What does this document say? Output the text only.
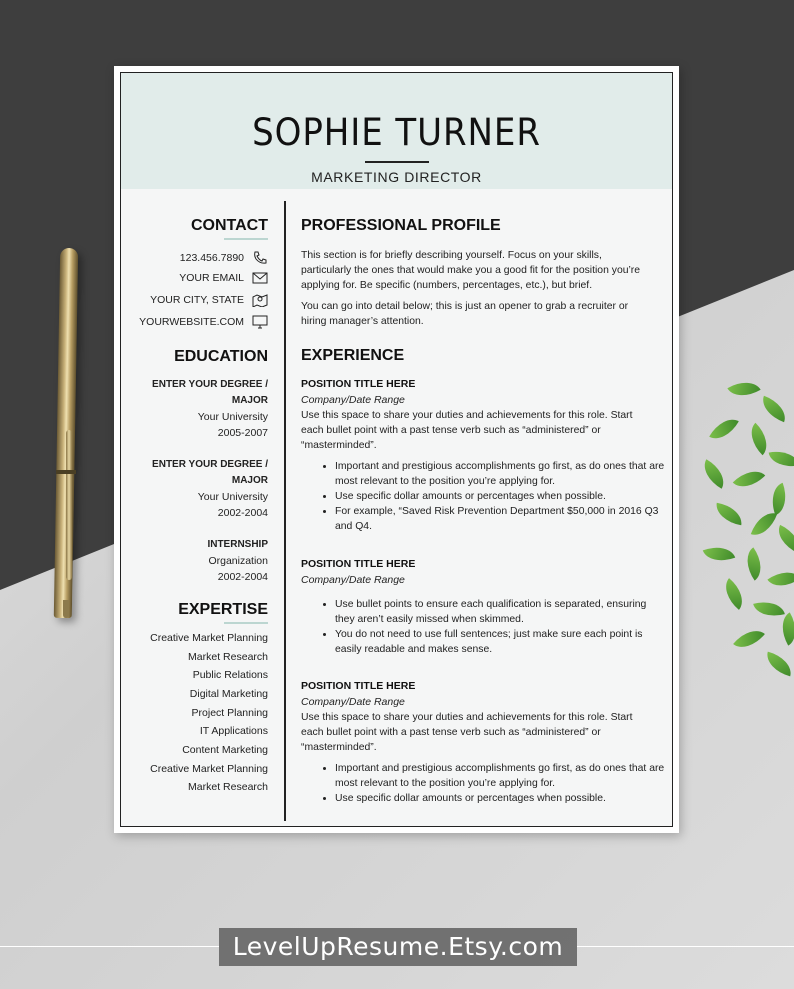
SOPHIE TURNER
MARKETING DIRECTOR
CONTACT
123.456.7890
YOUR EMAIL
YOUR CITY, STATE
YOURWEBSITE.COM
EDUCATION
ENTER YOUR DEGREE /
MAJOR
Your University
2005-2007
ENTER YOUR DEGREE /
MAJOR
Your University
2002-2004
INTERNSHIP
Organization
2002-2004
EXPERTISE
Creative Market Planning
Market Research
Public Relations
Digital Marketing
Project Planning
IT Applications
Content Marketing
Creative Market Planning
Market Research
PROFESSIONAL PROFILE

This section is for briefly describing yourself. Focus on your skills, particularly the ones that would make you a good fit for the position you’re applying for. Be specific (numbers, percentages, etc.), but brief.

You can go into detail below; this is just an opener to grab a recruiter or hiring manager’s attention.

EXPERIENCE
POSITION TITLE HERE
Company/Date Range

Use this space to share your duties and achievements for this role. Start each bullet point with a past tense verb such as “administered” or “masterminded”.

• Important and prestigious accomplishments go first, as do ones that are most relevant to the position you’re applying for.
• Use specific dollar amounts or percentages when possible.
• For example, “Saved Risk Prevention Department $50,000 in 2016 Q3 and Q4.
POSITION TITLE HERE
Company/Date Range
• Use bullet points to ensure each qualification is separated, ensuring they aren’t easily missed when skimmed.
• You do not need to use full sentences; just make sure each point is easily readable and makes sense.
POSITION TITLE HERE
Company/Date Range

Use this space to share your duties and achievements for this role. Start each bullet point with a past tense verb such as “administered” or “masterminded”.

• Important and prestigious accomplishments go first, as do ones that are most relevant to the position you’re applying for.
• Use specific dollar amounts or percentages when possible.
LevelUpResume.Etsy.com
